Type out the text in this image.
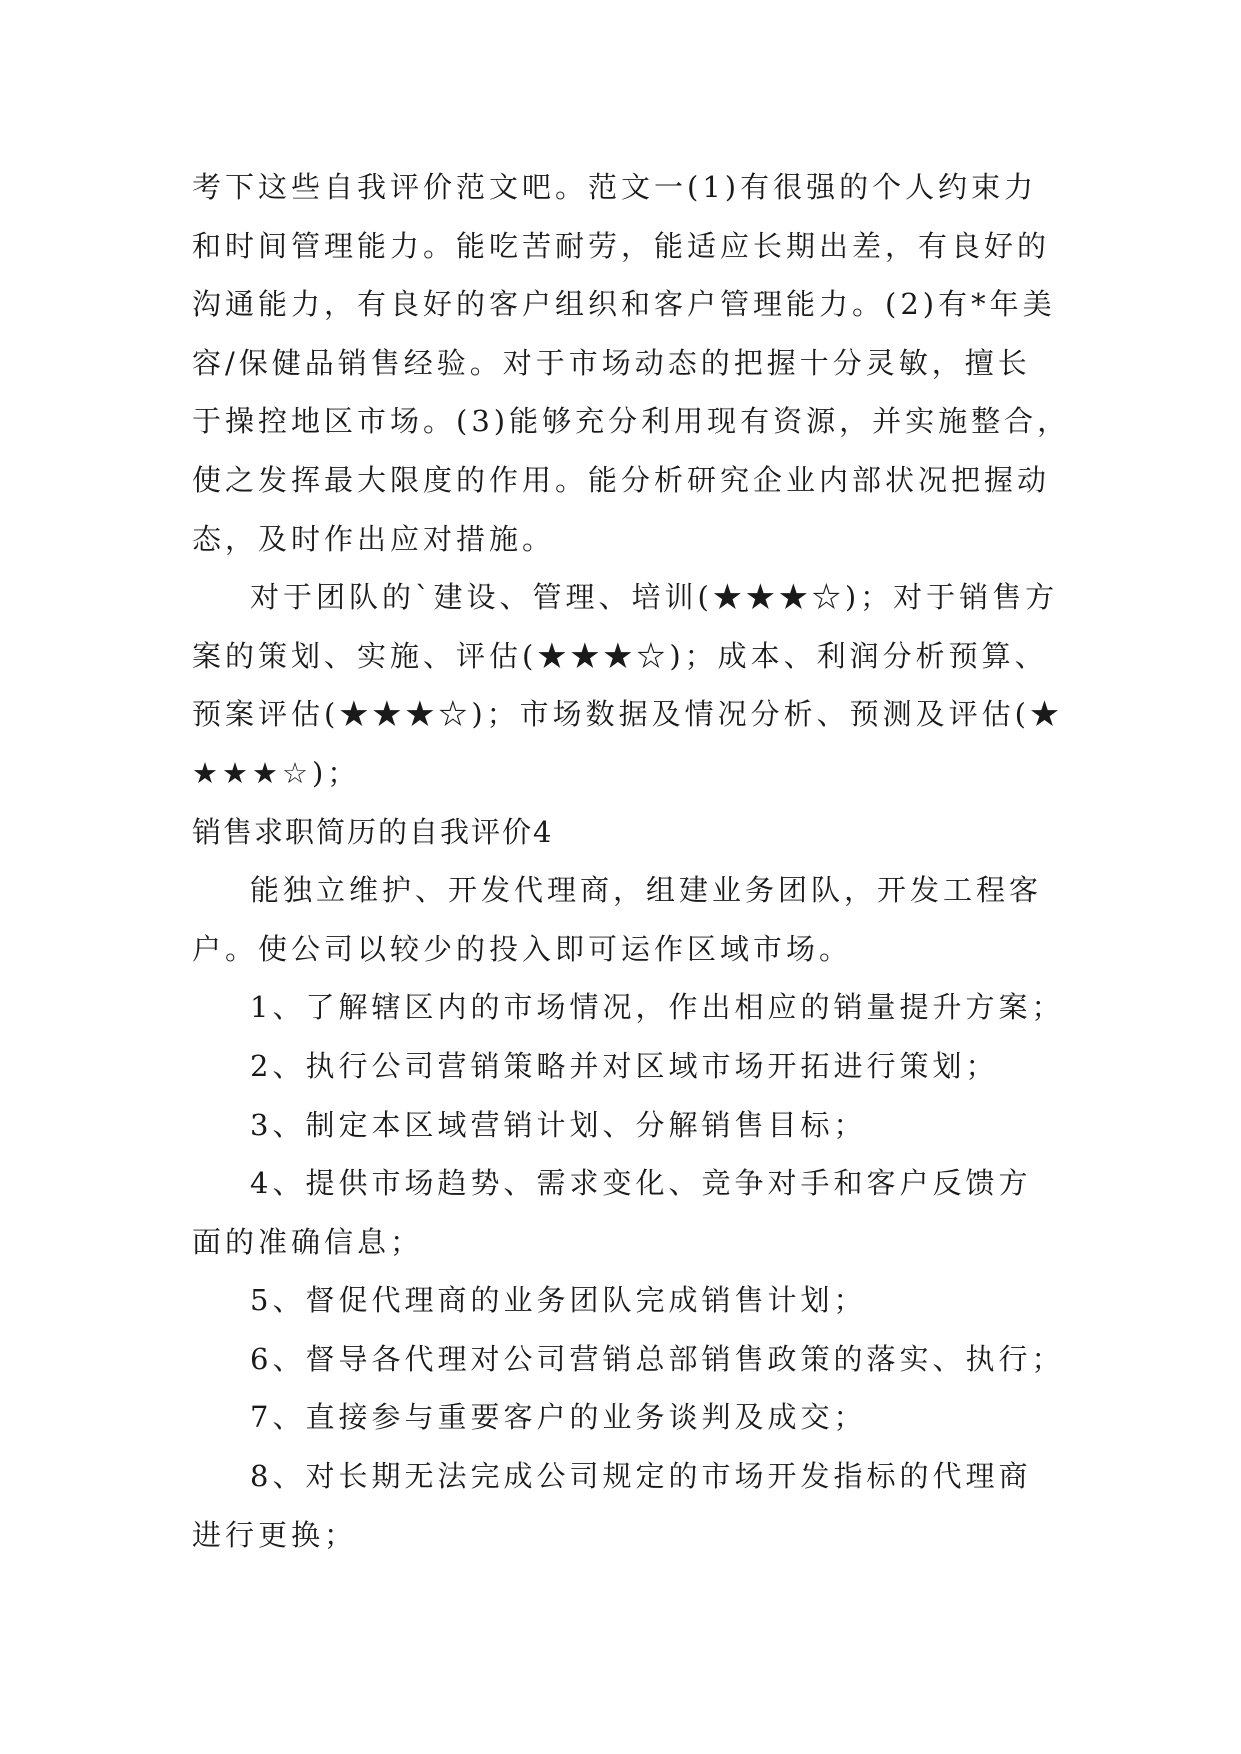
考下这些自我评价范文吧。范文一(1)有很强的个人约束力
和时间管理能力。能吃苦耐劳，能适应长期出差，有良好的
沟通能力，有良好的客户组织和客户管理能力。(2)有*年美
容/保健品销售经验。对于市场动态的把握十分灵敏，擅长
于操控地区市场。(3)能够充分利用现有资源，并实施整合，
使之发挥最大限度的作用。能分析研究企业内部状况把握动
态，及时作出应对措施。
对于团队的`建设、管理、培训(★★★☆)；对于销售方
案的策划、实施、评估(★★★☆)；成本、利润分析预算、
预案评估(★★★☆)；市场数据及情况分析、预测及评估(★
★★★☆)；
销售求职简历的自我评价4
能独立维护、开发代理商，组建业务团队，开发工程客
户。使公司以较少的投入即可运作区域市场。
1、了解辖区内的市场情况，作出相应的销量提升方案；
2、执行公司营销策略并对区域市场开拓进行策划；
3、制定本区域营销计划、分解销售目标；
4、提供市场趋势、需求变化、竞争对手和客户反馈方
面的准确信息；
5、督促代理商的业务团队完成销售计划；
6、督导各代理对公司营销总部销售政策的落实、执行；
7、直接参与重要客户的业务谈判及成交；
8、对长期无法完成公司规定的市场开发指标的代理商
进行更换；
